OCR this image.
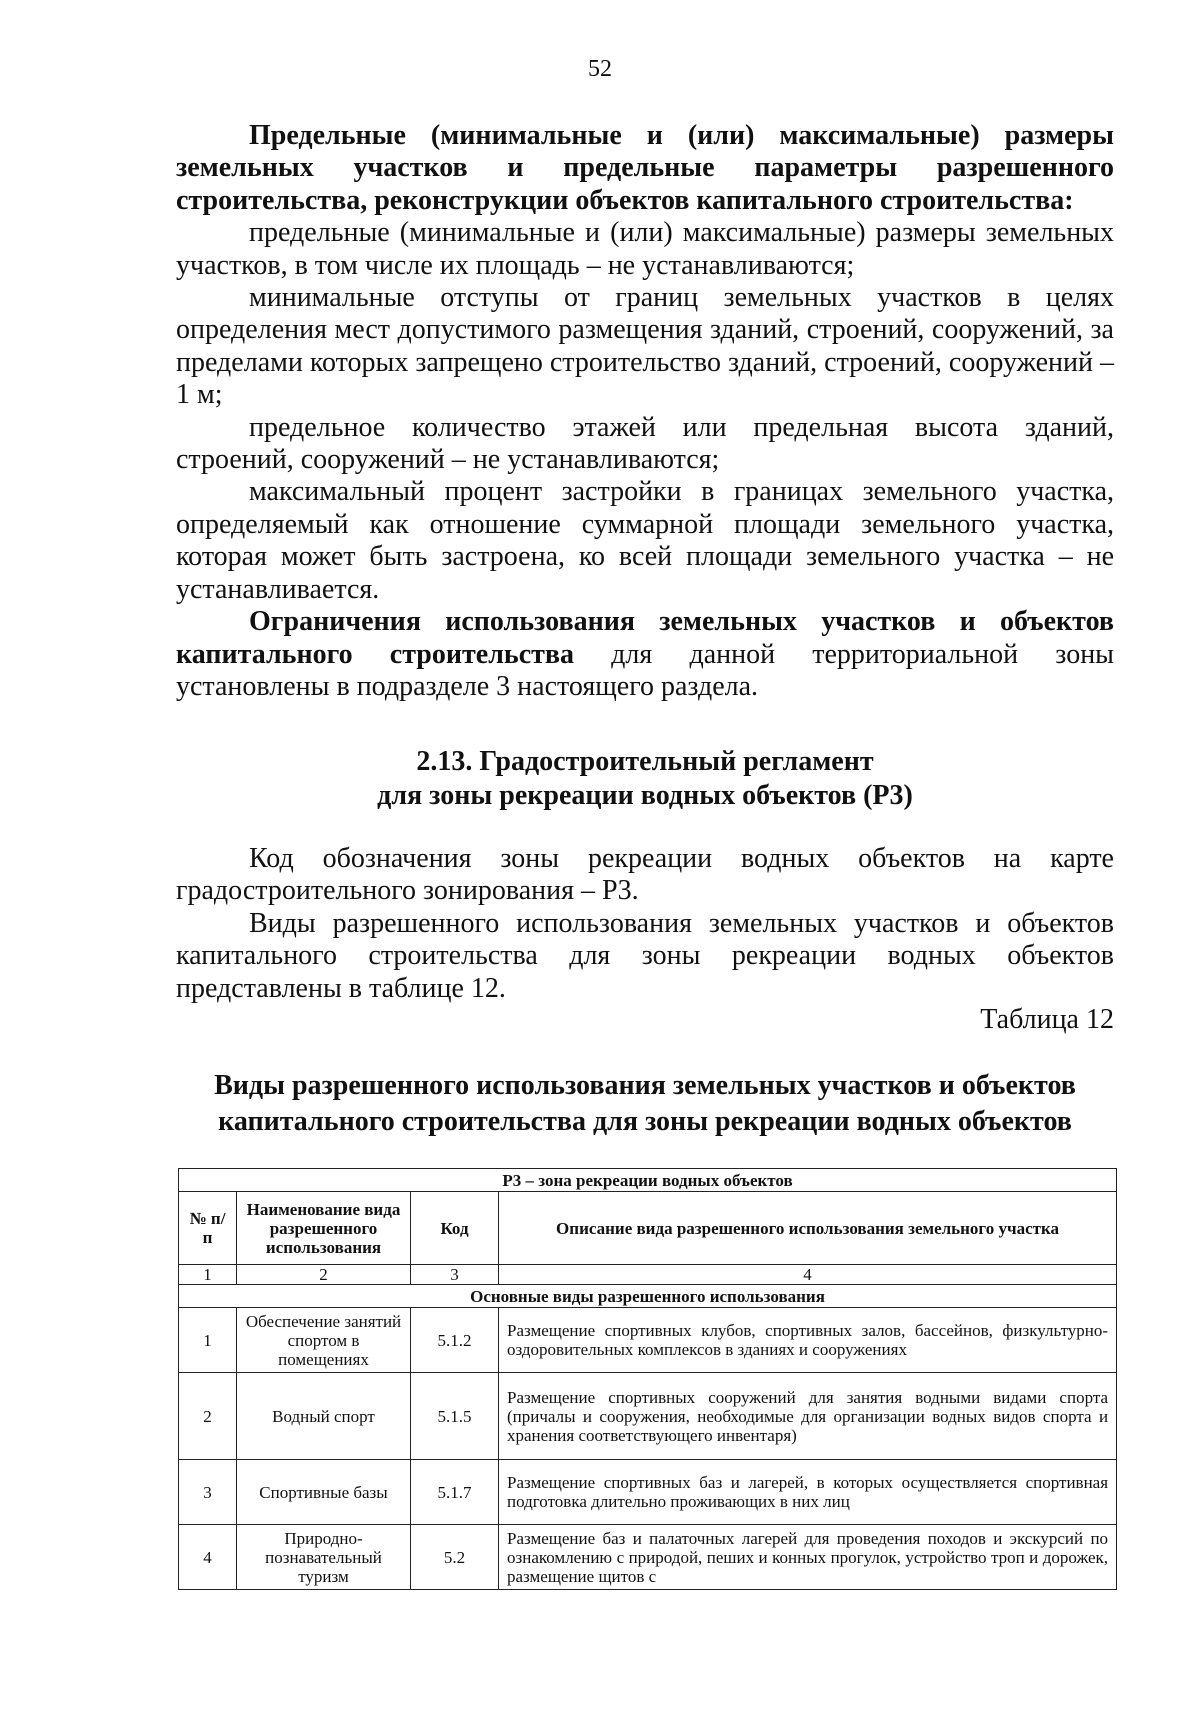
52

Предельные (минимальные и (или) максимальные) размеры земельных участков и предельные параметры разрешенного строительства, реконструкции объектов капитального строительства:

предельные (минимальные и (или) максимальные) размеры земельных участков, в том числе их площадь – не устанавливаются;

минимальные отступы от границ земельных участков в целях определения мест допустимого размещения зданий, строений, сооружений, за пределами которых запрещено строительство зданий, строений, сооружений – 1 м;

предельное количество этажей или предельная высота зданий, строений, сооружений – не устанавливаются;

максимальный процент застройки в границах земельного участка, определяемый как отношение суммарной площади земельного участка, которая может быть застроена, ко всей площади земельного участка – не устанавливается.

Ограничения использования земельных участков и объектов капитального строительства для данной территориальной зоны установлены в подразделе 3 настоящего раздела.

2.13. Градостроительный регламент
для зоны рекреации водных объектов (Р3)

Код обозначения зоны рекреации водных объектов на карте градостроительного зонирования – Р3.

Виды разрешенного использования земельных участков и объектов капитального строительства для зоны рекреации водных объектов представлены в таблице 12.

Таблица 12
Виды разрешенного использования земельных участков и объектов
капитального строительства для зоны рекреации водных объектов
Р3 – зона рекреации водных объектов			
№ п/п	Наименование вида разрешенного использования	Код	Описание вида разрешенного использования земельного участка
1	2	3	4
Основные виды разрешенного использования			
1	Обеспечение занятий спортом в помещениях	5.1.2	Размещение спортивных клубов, спортивных залов, бассейнов, физкультурно-оздоровительных комплексов в зданиях и сооружениях
2	Водный спорт	5.1.5	Размещение спортивных сооружений для занятия водными видами спорта (причалы и сооружения, необходимые для организации водных видов спорта и хранения соответствующего инвентаря)
3	Спортивные базы	5.1.7	Размещение спортивных баз и лагерей, в которых осуществляется спортивная подготовка длительно проживающих в них лиц
4	Природно-познавательный туризм	5.2	Размещение баз и палаточных лагерей для проведения походов и экскурсий по ознакомлению с природой, пеших и конных прогулок, устройство троп и дорожек, размещение щитов с
